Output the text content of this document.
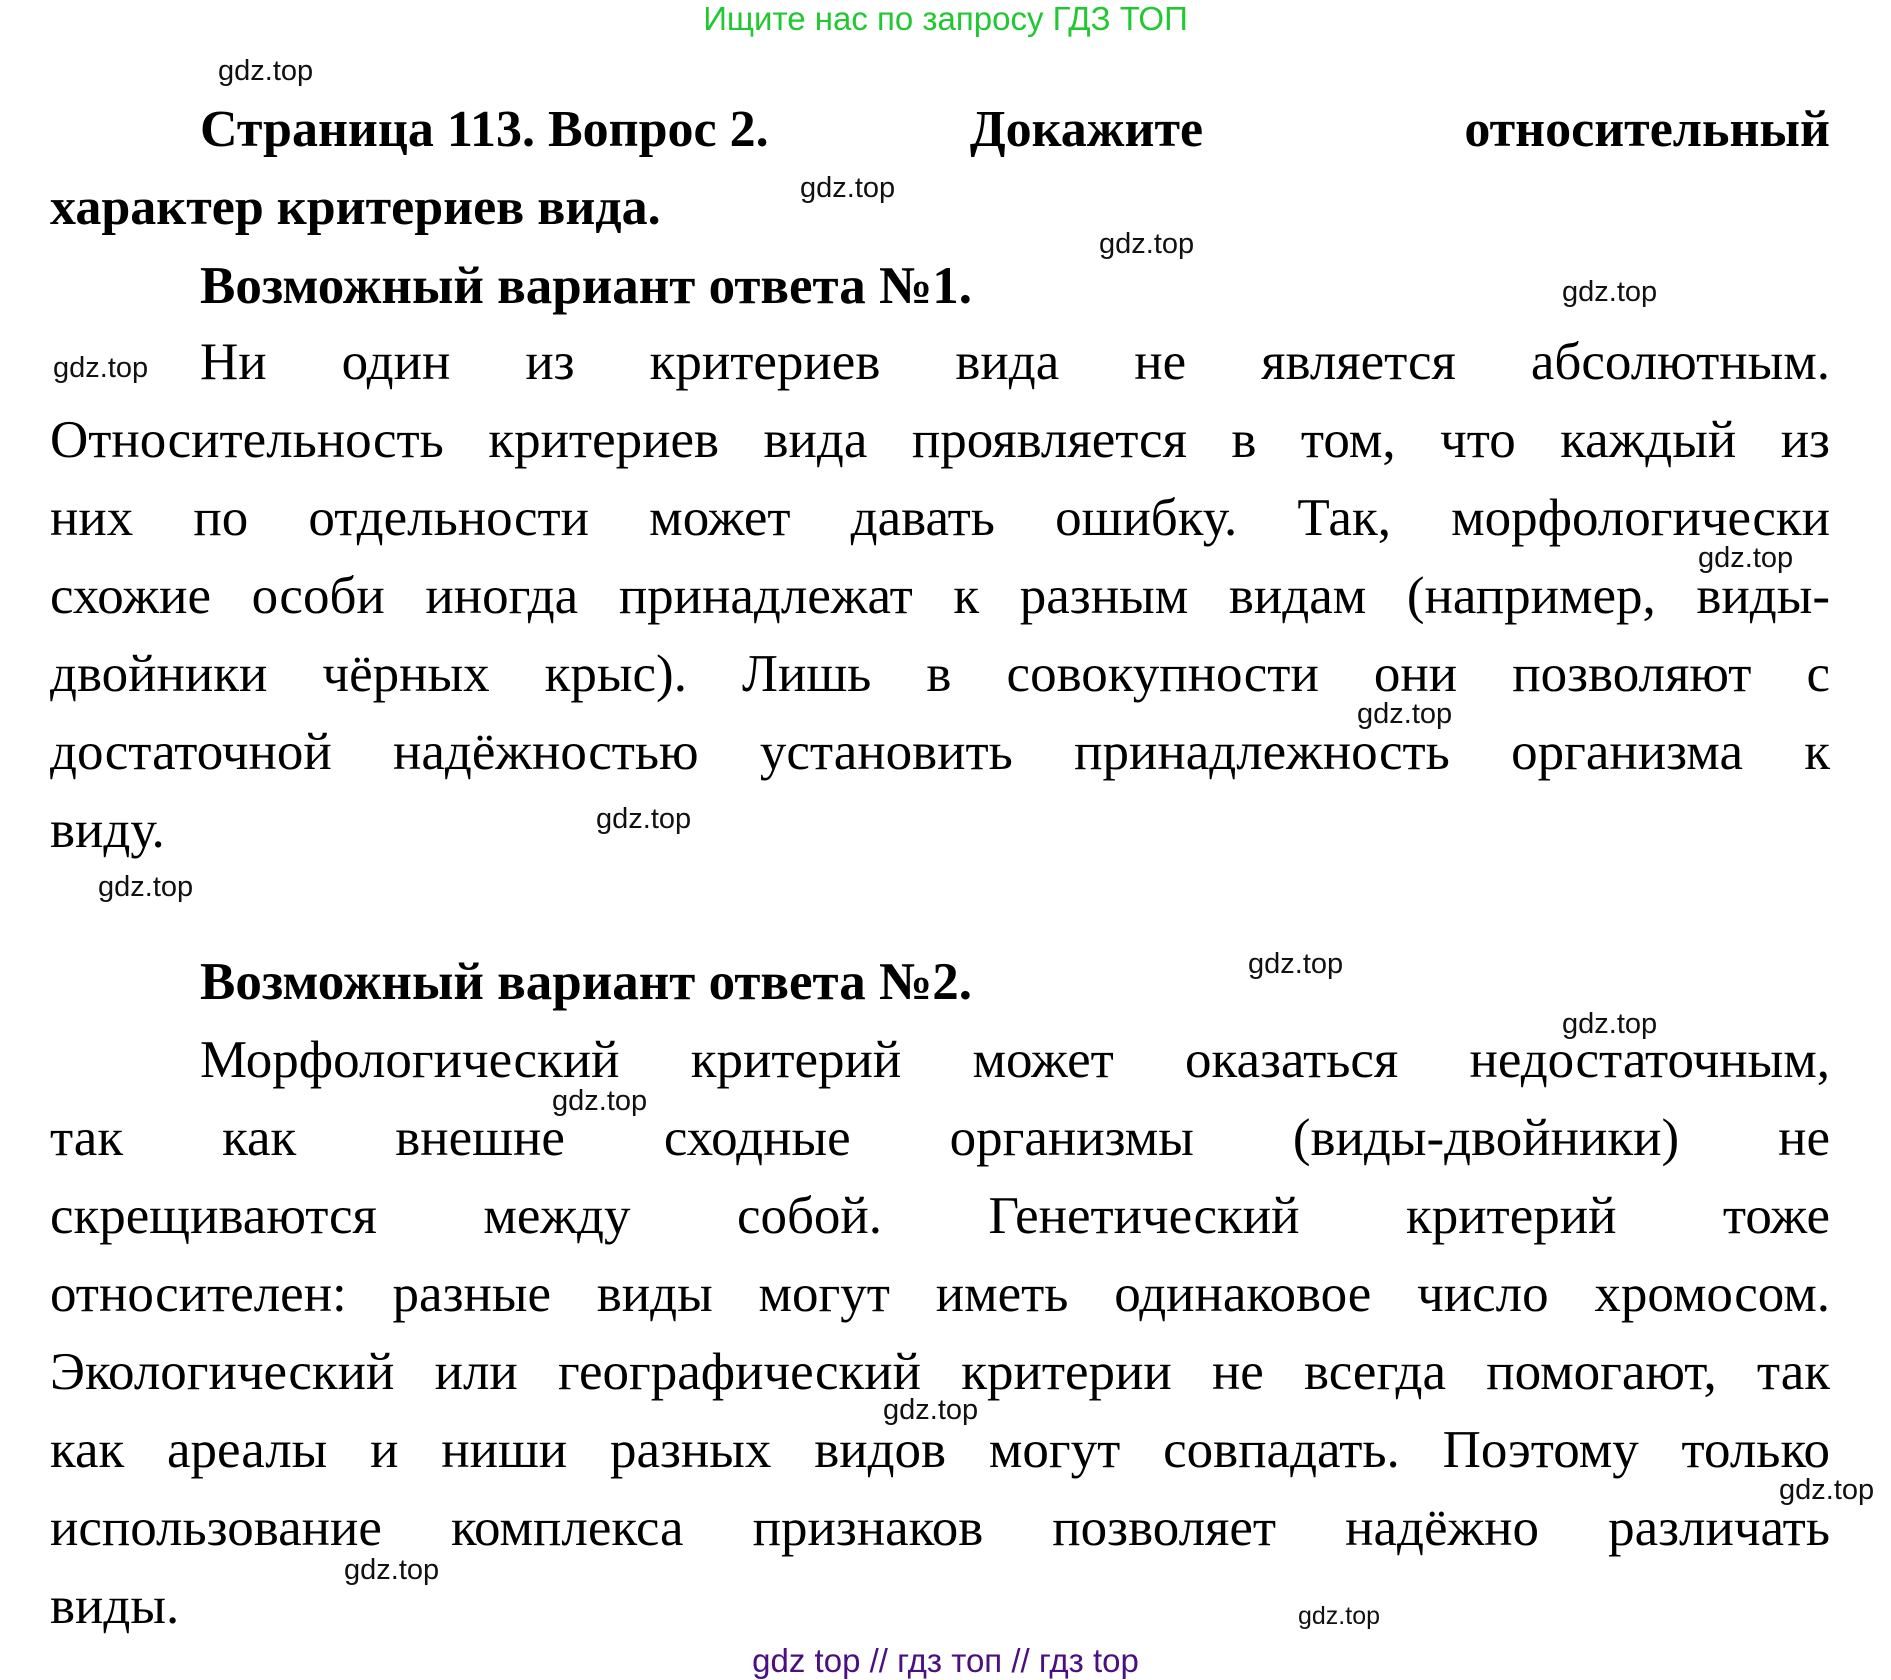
Ищите нас по запросу ГДЗ ТОП
Страница 113. Вопрос 2.	Докажите	относительный
характер критериев вида.
Возможный вариант ответа №1.
Ни один из критериев вида не является абсолютным.
Относительность критериев вида проявляется в том, что каждый из
них по отдельности может давать ошибку. Так, морфологически
схожие особи иногда принадлежат к разным видам (например, виды-
двойники чёрных крыс). Лишь в совокупности они позволяют с
достаточной надёжностью установить принадлежность организма к
виду.
Возможный вариант ответа №2.
Морфологический критерий может оказаться недостаточным,
так как внешне сходные организмы (виды-двойники) не
скрещиваются между собой. Генетический критерий тоже
относителен: разные виды могут иметь одинаковое число хромосом.
Экологический или географический критерии не всегда помогают, так
как ареалы и ниши разных видов могут совпадать. Поэтому только
использование комплекса признаков позволяет надёжно различать
виды.
gdz.top
gdz.top
gdz.top
gdz.top
gdz.top
gdz.top
gdz.top
gdz.top
gdz.top
gdz.top
gdz.top
gdz.top
gdz.top
gdz.top
gdz.top
gdz.top
gdz top // гдз топ // гдз top
